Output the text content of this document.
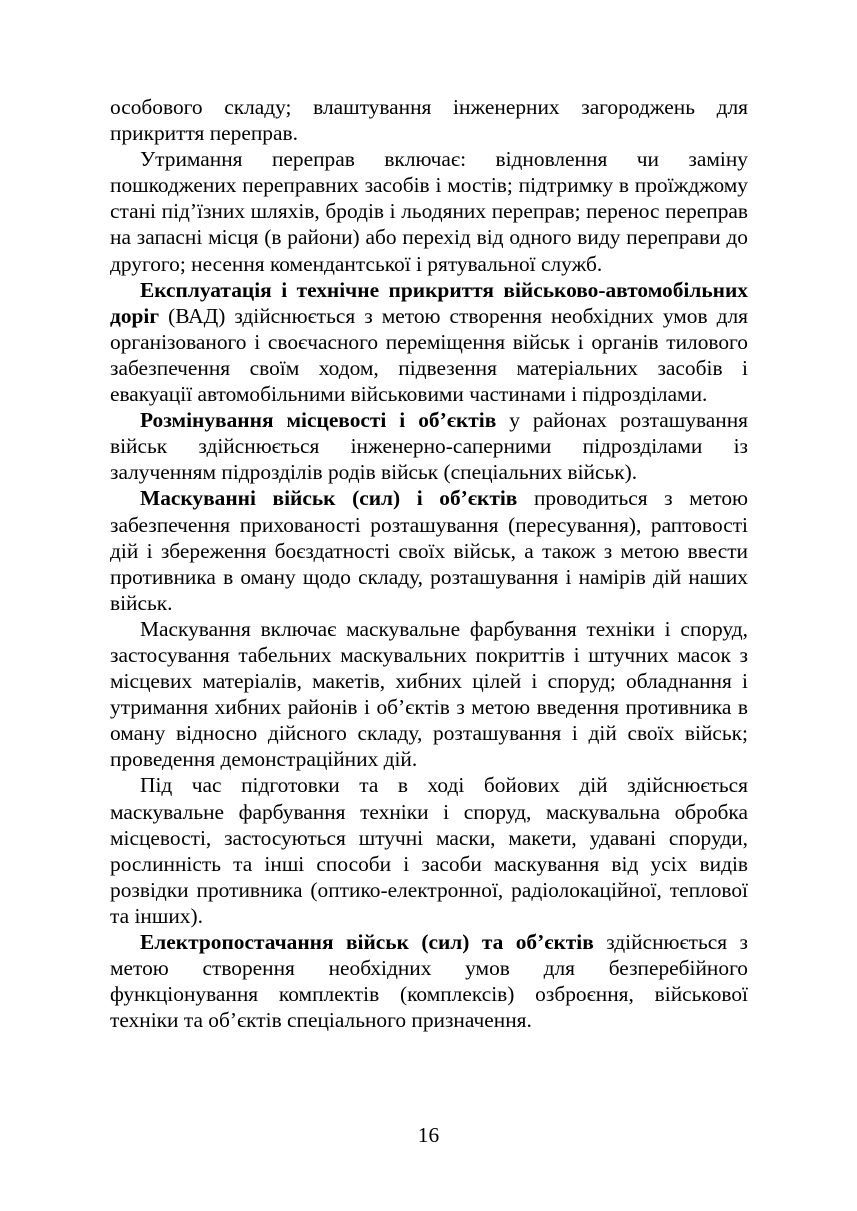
особового складу; влаштування інженерних загороджень для прикриття переправ.

Утримання переправ включає: відновлення чи заміну пошкоджених переправних засобів і мостів; підтримку в проїжджому стані під’їзних шляхів, бродів і льодяних переправ; перенос переправ на запасні місця (в райони) або перехід від одного виду переправи до другого; несення комендантської і рятувальної служб.

Експлуатація і технічне прикриття військово-автомобільних доріг (ВАД) здійснюється з метою створення необхідних умов для організованого і своєчасного переміщення військ і органів тилового забезпечення своїм ходом, підвезення матеріальних засобів і евакуації автомобільними військовими частинами і підрозділами.

Розмінування місцевості і об’єктів у районах розташування військ здійснюється інженерно-саперними підрозділами із залученням підрозділів родів військ (спеціальних військ).

Маскуванні військ (сил) і об’єктів проводиться з метою забезпечення прихованості розташування (пересування), раптовості дій і збереження боєздатності своїх військ, а також з метою ввести противника в оману щодо складу, розташування і намірів дій наших військ.

Маскування включає маскувальне фарбування техніки і споруд, застосування табельних маскувальних покриттів і штучних масок з місцевих матеріалів, макетів, хибних цілей і споруд; обладнання і утримання хибних районів і об’єктів з метою введення противника в оману відносно дійсного складу, розташування і дій своїх військ; проведення демонстраційних дій.

Під час підготовки та в ході бойових дій здійснюється маскувальне фарбування техніки і споруд, маскувальна обробка місцевості, застосуються штучні маски, макети, удавані споруди, рослинність та інші способи і засоби маскування від усіх видів розвідки противника (оптико-електронної, радіолокаційної, теплової та інших).

Електропостачання військ (сил) та об’єктів здійснюється з метою створення необхідних умов для безперебійного функціонування комплектів (комплексів) озброєння, військової техніки та об’єктів спеціального призначення.

16
